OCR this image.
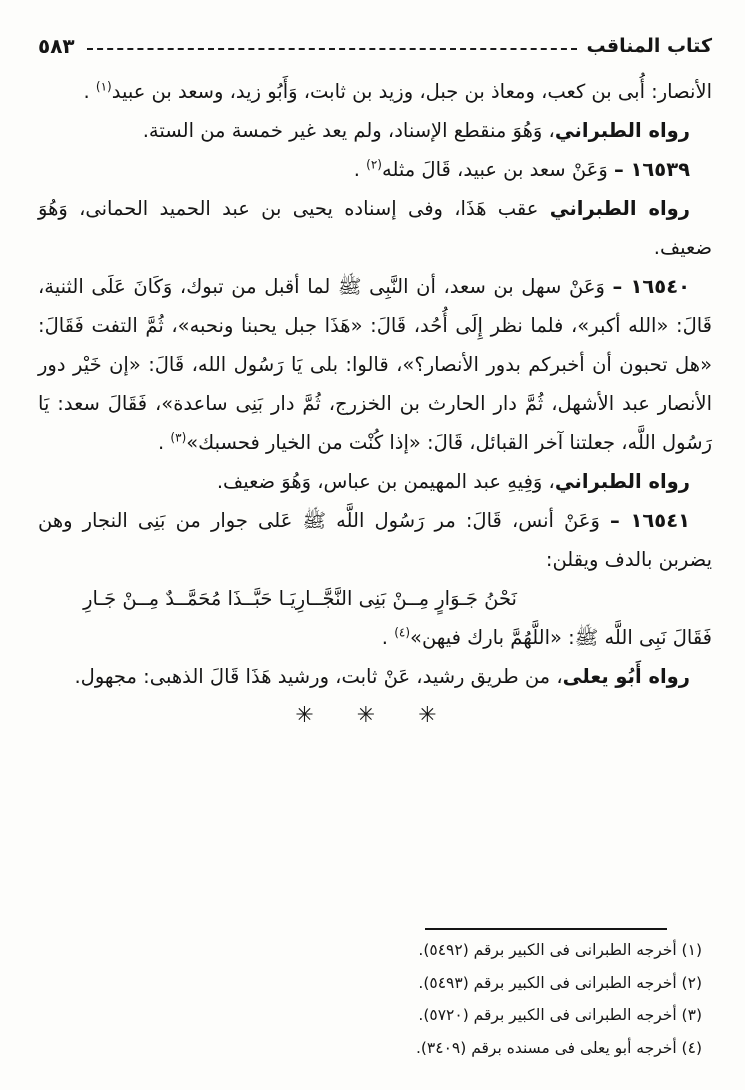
كتاب المناقب
٥٨٣

الأنصار: أُبى بن كعب، ومعاذ بن جبل، وزيد بن ثابت، وَأَبُو زيد، وسعد بن عبيد$^{(١)}$ .

رواه الطبراني، وَهُوَ منقطع الإسناد، ولم يعد غير خمسة من الستة.

١٦٥٣٩ – وَعَنْ سعد بن عبيد، قَالَ مثله$^{(٢)}$ .

رواه الطبراني عقب هَذَا، وفى إسناده يحيى بن عبد الحميد الحمانى، وَهُوَ ضعيف.

١٦٥٤٠ – وَعَنْ سهل بن سعد، أن النَّبِى ﷺ لما أقبل من تبوك، وَكَانَ عَلَى الثنية، قَالَ: «الله أكبر»، فلما نظر إِلَى أُحُد، قَالَ: «هَذَا جبل يحبنا ونحبه»، ثُمَّ التفت فَقَالَ: «هل تحبون أن أخبركم بدور الأنصار؟»، قالوا: بلى يَا رَسُول الله، قَالَ: «إن خَيْر دور الأنصار عبد الأشهل، ثُمَّ دار الحارث بن الخزرج، ثُمَّ دار بَنِى ساعدة»، فَقَالَ سعد: يَا رَسُول اللَّه، جعلتنا آخر القبائل، قَالَ: «إذا كُنْت من الخيار فحسبك»$^{(٣)}$ .

رواه الطبراني، وَفِيهِ عبد المهيمن بن عباس، وَهُوَ ضعيف.

١٦٥٤١ – وَعَنْ أنس، قَالَ: مر رَسُول اللَّه ﷺ عَلى جوار من بَنِى النجار وهن يضربن بالدف ويقلن:

نَحْنُ جَـوَارٍ مِــنْ بَنِى النَّجَّــارِ
يَـا حَبَّــذَا مُحَمَّــدٌ مِــنْ جَـارِ

فَقَالَ نَبِى اللَّه ﷺ: «اللَّهُمَّ بارك فيهن»$^{(٤)}$ .

رواه أَبُو يعلى، من طريق رشيد، عَنْ ثابت، ورشيد هَذَا قَالَ الذهبى: مجهول.

✳ ✳ ✳

(١) أخرجه الطبرانى فى الكبير برقم (٥٤٩٢).

(٢) أخرجه الطبرانى فى الكبير برقم (٥٤٩٣).

(٣) أخرجه الطبرانى فى الكبير برقم (٥٧٢٠).

(٤) أخرجه أبو يعلى فى مسنده برقم (٣٤٠٩).
